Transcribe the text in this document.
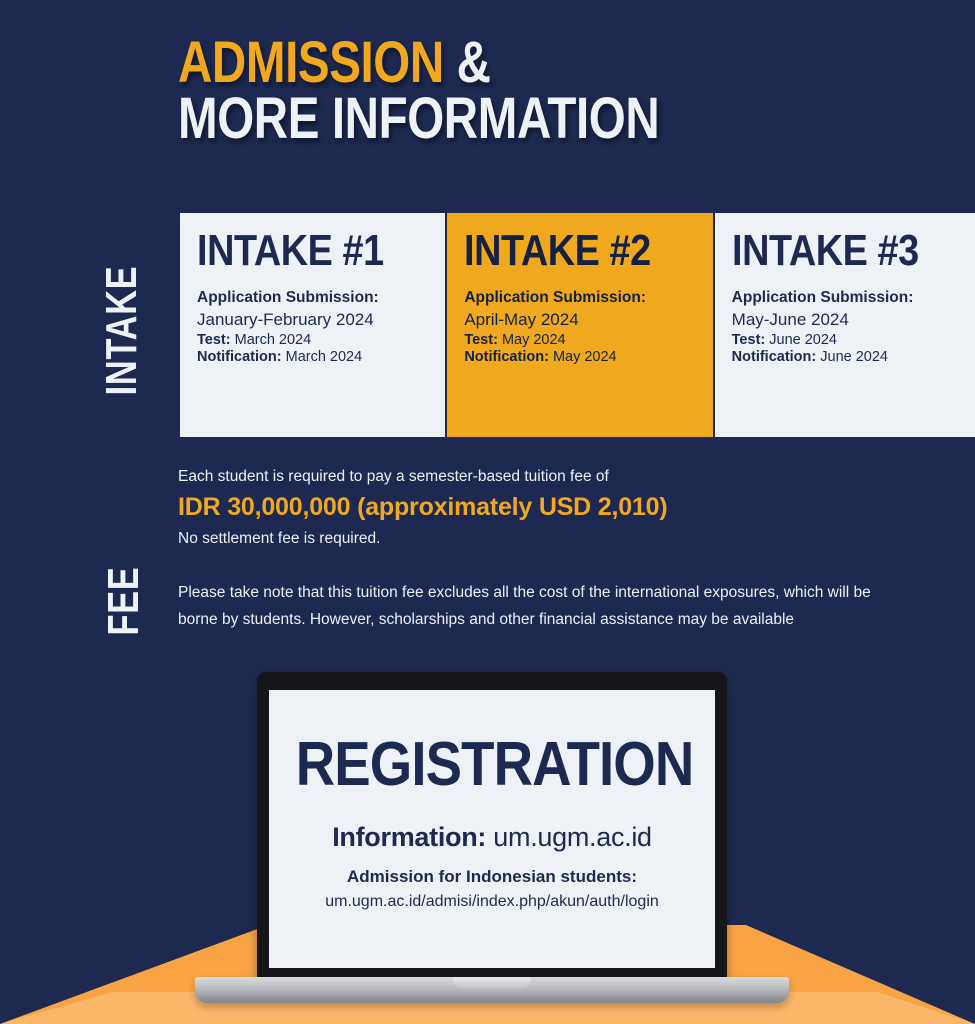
ADMISSION &
MORE INFORMATION
INTAKE
FEE
INTAKE #1
Application Submission:
January-February 2024
Test: March 2024
Notification: March 2024
INTAKE #2
Application Submission:
April-May 2024
Test: May 2024
Notification: May 2024
INTAKE #3
Application Submission:
May-June 2024
Test: June 2024
Notification: June 2024
Each student is required to pay a semester-based tuition fee of
IDR 30,000,000 (approximately USD 2,010)
No settlement fee is required.
Please take note that this tuition fee excludes all the cost of the international exposures, which will be borne by students. However, scholarships and other financial assistance may be available
REGISTRATION
Information: um.ugm.ac.id
Admission for Indonesian students:
um.ugm.ac.id/admisi/index.php/akun/auth/login
